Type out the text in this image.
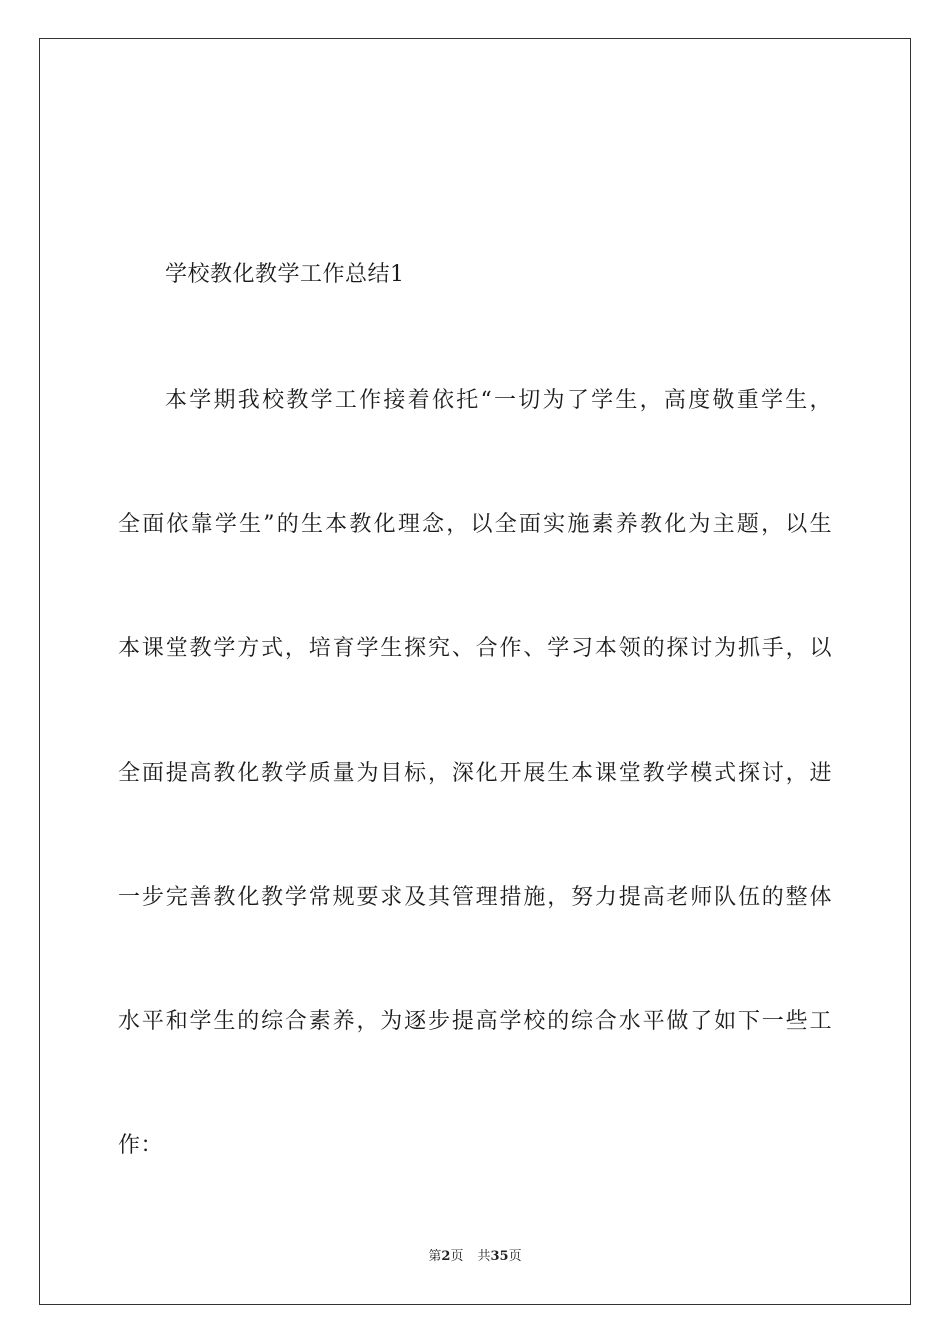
学校教化教学工作总结1
本学期我校教学工作接着依托“一切为了学生，高度敬重学生，
全面依靠学生”的生本教化理念，以全面实施素养教化为主题，以生
本课堂教学方式，培育学生探究、合作、学习本领的探讨为抓手，以
全面提高教化教学质量为目标，深化开展生本课堂教学模式探讨，进
一步完善教化教学常规要求及其管理措施，努力提高老师队伍的整体
水平和学生的综合素养，为逐步提高学校的综合水平做了如下一些工
作：
第2页 共35页
